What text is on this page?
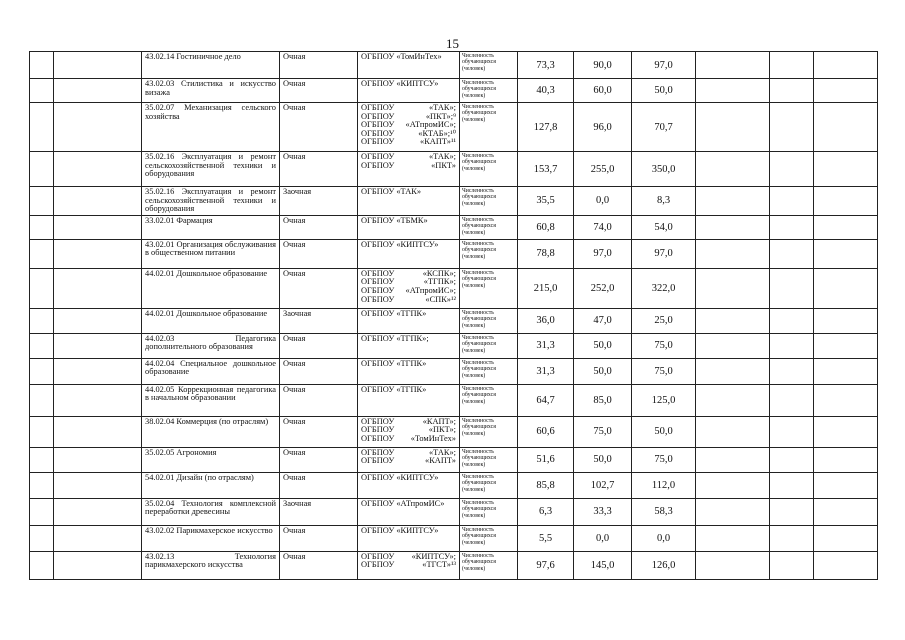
15
		43.02.14 Гостиничное дело	Очная	ОГБПОУ «ТомИнТех»	Численность обучающихся (человек)	73,3	90,0	97,0			
		43.02.03 Стилистика и искусство визажа	Очная	ОГБПОУ «КИПТСУ»	Численность обучающихся (человек)	40,3	60,0	50,0			
		35.02.07 Механизация сельского хозяйства	Очная	ОГБПОУ «ТАК»;
ОГБПОУ «ПКТ»;⁹
ОГБПОУ «АТпромИС»;
ОГБПОУ «КТАБ»;¹⁰
ОГБПОУ «КАПТ»¹¹	Численность обучающихся (человек)	127,8	96,0	70,7			
		35.02.16 Эксплуатация и ремонт сельскохозяйственной техники и оборудования	Очная	ОГБПОУ «ТАК»;
ОГБПОУ «ПКТ»	Численность обучающихся (человек)	153,7	255,0	350,0			
		35.02.16 Эксплуатация и ремонт сельскохозяйственной техники и оборудования	Заочная	ОГБПОУ «ТАК»	Численность обучающихся (человек)	35,5	0,0	8,3			
		33.02.01 Фармация	Очная	ОГБПОУ «ТБМК»	Численность обучающихся (человек)	60,8	74,0	54,0			
		43.02.01 Организация обслуживания в общественном питании	Очная	ОГБПОУ «КИПТСУ»	Численность обучающихся (человек)	78,8	97,0	97,0			
		44.02.01 Дошкольное образование	Очная	ОГБПОУ «КСПК»;
ОГБПОУ «ТГПК»;
ОГБПОУ «АТпромИС»;
ОГБПОУ «СПК»¹²	Численность обучающихся (человек)	215,0	252,0	322,0			
		44.02.01 Дошкольное образование	Заочная	ОГБПОУ «ТГПК»	Численность обучающихся (человек)	36,0	47,0	25,0			
		44.02.03 Педагогика дополнительного образования	Очная	ОГБПОУ «ТГПК»;	Численность обучающихся (человек)	31,3	50,0	75,0			
		44.02.04 Специальное дошкольное образование	Очная	ОГБПОУ «ТГПК»	Численность обучающихся (человек)	31,3	50,0	75,0			
		44.02.05 Коррекционная педагогика в начальном образовании	Очная	ОГБПОУ «ТГПК»	Численность обучающихся (человек)	64,7	85,0	125,0			
		38.02.04 Коммерция (по отраслям)	Очная	ОГБПОУ «КАПТ»;
ОГБПОУ «ПКТ»;
ОГБПОУ «ТомИнТех»	Численность обучающихся (человек)	60,6	75,0	50,0			
		35.02.05 Агрономия	Очная	ОГБПОУ «ТАК»;
ОГБПОУ «КАПТ»	Численность обучающихся (человек)	51,6	50,0	75,0			
		54.02.01 Дизайн (по отраслям)	Очная	ОГБПОУ «КИПТСУ»	Численность обучающихся (человек)	85,8	102,7	112,0			
		35.02.04 Технология комплексной переработки древесины	Заочная	ОГБПОУ «АТпромИС»	Численность обучающихся (человек)	6,3	33,3	58,3			
		43.02.02 Парикмахерское искусство	Очная	ОГБПОУ «КИПТСУ»	Численность обучающихся (человек)	5,5	0,0	0,0			
		43.02.13 Технология парикмахерского искусства	Очная	ОГБПОУ «КИПТСУ»;
ОГБПОУ «ТГСТ»¹³	Численность обучающихся (человек)	97,6	145,0	126,0			
